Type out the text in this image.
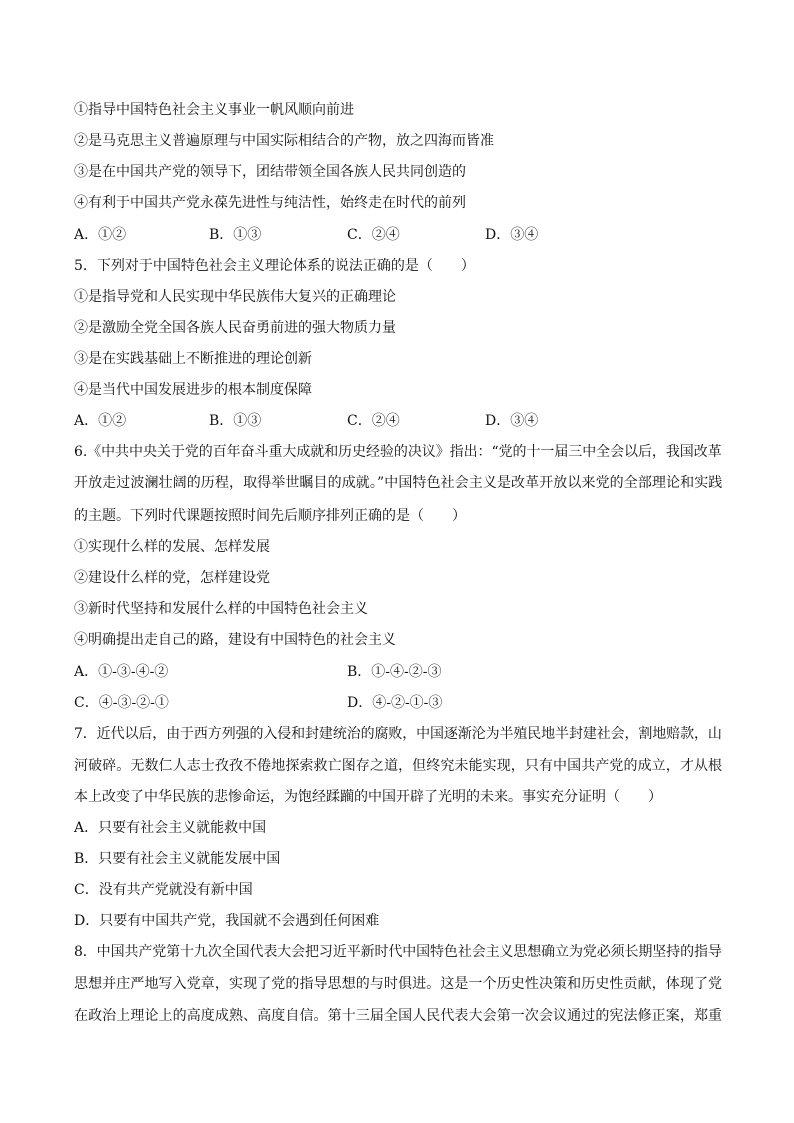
①指导中国特色社会主义事业一帆风顺向前进
②是马克思主义普遍原理与中国实际相结合的产物，放之四海而皆准
③是在中国共产党的领导下，团结带领全国各族人民共同创造的
④有利于中国共产党永葆先进性与纯洁性，始终走在时代的前列
A．①②	B．①③	C．②④	D．③④
5．下列对于中国特色社会主义理论体系的说法正确的是（　　）
①是指导党和人民实现中华民族伟大复兴的正确理论
②是激励全党全国各族人民奋勇前进的强大物质力量
③是在实践基础上不断推进的理论创新
④是当代中国发展进步的根本制度保障
A．①②	B．①③	C．②④	D．③④
6.《中共中央关于党的百年奋斗重大成就和历史经验的决议》指出：“党的十一届三中全会以后，我国改革
开放走过波澜壮阔的历程，取得举世瞩目的成就。”中国特色社会主义是改革开放以来党的全部理论和实践
的主题。下列时代课题按照时间先后顺序排列正确的是（　　）
①实现什么样的发展、怎样发展
②建设什么样的党，怎样建设党
③新时代坚持和发展什么样的中国特色社会主义
④明确提出走自己的路，建设有中国特色的社会主义
A．①-③-④-②	B．①-④-②-③
C．④-③-②-①	D．④-②-①-③
7．近代以后，由于西方列强的入侵和封建统治的腐败，中国逐渐沦为半殖民地半封建社会，割地赔款，山
河破碎。无数仁人志士孜孜不倦地探索救亡图存之道，但终究未能实现，只有中国共产党的成立，才从根
本上改变了中华民族的悲惨命运，为饱经蹂躏的中国开辟了光明的未来。事实充分证明（　　）
A．只要有社会主义就能救中国
B．只要有社会主义就能发展中国
C．没有共产党就没有新中国
D．只要有中国共产党，我国就不会遇到任何困难
8．中国共产党第十九次全国代表大会把习近平新时代中国特色社会主义思想确立为党必须长期坚持的指导
思想并庄严地写入党章，实现了党的指导思想的与时俱进。这是一个历史性决策和历史性贡献，体现了党
在政治上理论上的高度成熟、高度自信。第十三届全国人民代表大会第一次会议通过的宪法修正案，郑重
